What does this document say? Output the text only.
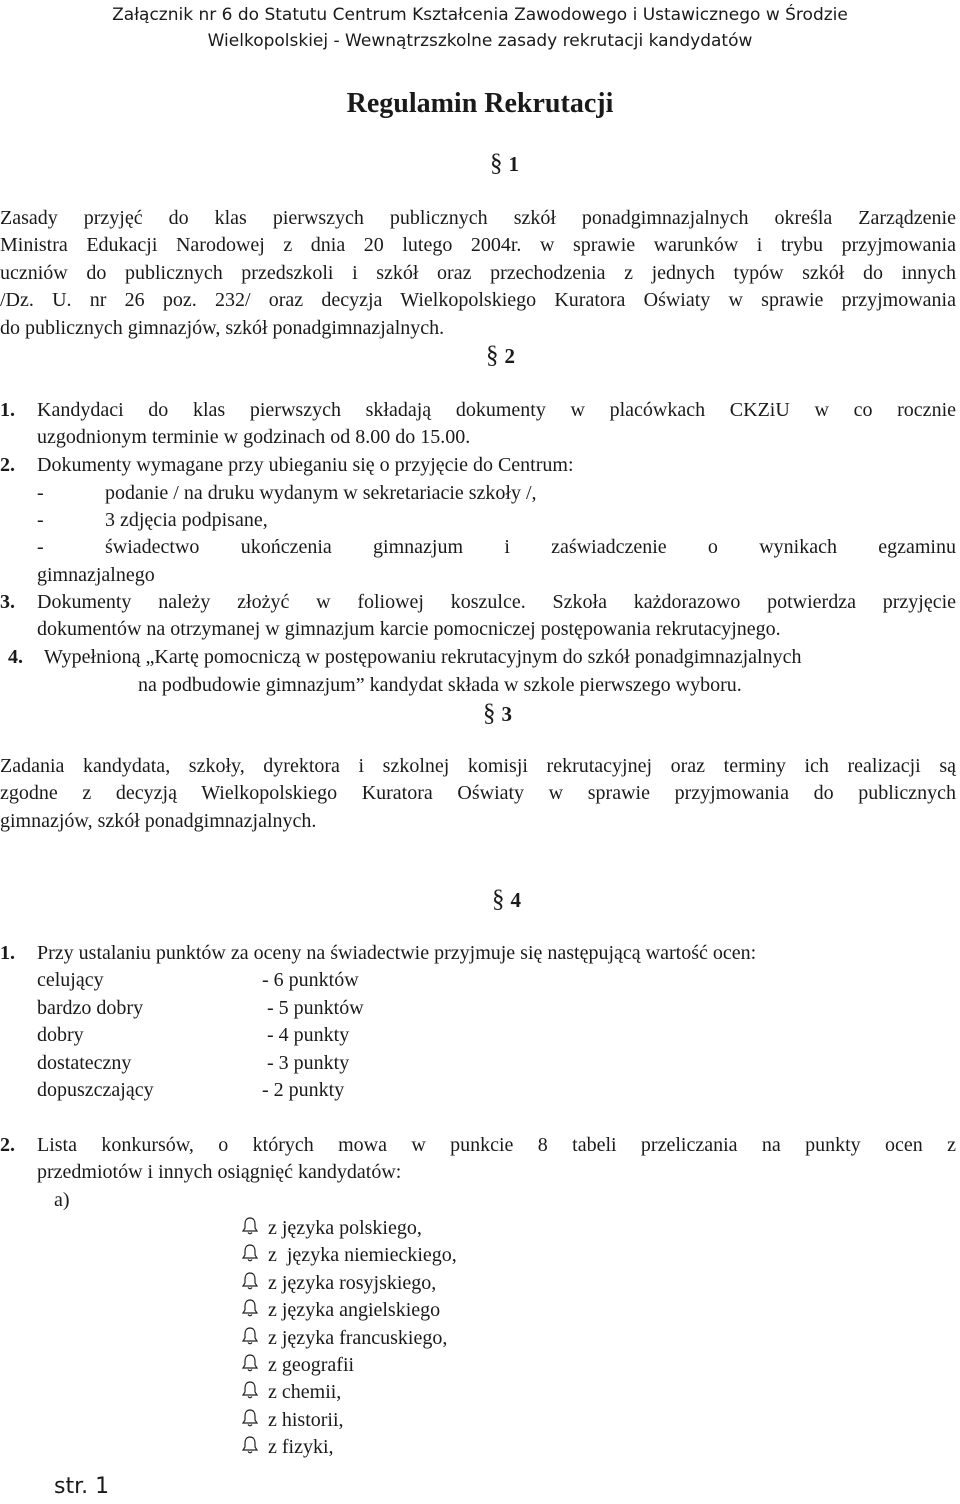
Załącznik nr 6 do Statutu Centrum Kształcenia Zawodowego i Ustawicznego w Środzie
Wielkopolskiej - Wewnątrzszkolne zasady rekrutacji kandydatów
Regulamin Rekrutacji
§ 1
Zasady przyjęć do klas pierwszych publicznych szkół ponadgimnazjalnych określa Zarządzenie
Ministra Edukacji Narodowej z dnia 20 lutego 2004r. w sprawie warunków i trybu przyjmowania
uczniów do publicznych przedszkoli i szkół oraz przechodzenia z jednych typów szkół do innych
/Dz. U. nr 26 poz. 232/ oraz decyzja Wielkopolskiego Kuratora Oświaty w sprawie przyjmowania
do publicznych gimnazjów, szkół ponadgimnazjalnych.
§ 2
1. Kandydaci do klas pierwszych składają dokumenty w placówkach CKZiU w co rocznie
uzgodnionym terminie w godzinach od 8.00 do 15.00.
2. Dokumenty wymagane przy ubieganiu się o przyjęcie do Centrum:
-	podanie / na druku wydanym w sekretariacie szkoły /,
-	3 zdjęcia podpisane,
-	świadectwo ukończenia gimnazjum i zaświadczenie o wynikach egzaminu
gimnazjalnego
3. Dokumenty należy złożyć w foliowej koszulce. Szkoła każdorazowo potwierdza przyjęcie
dokumentów na otrzymanej w gimnazjum karcie pomocniczej postępowania rekrutacyjnego.
4. Wypełnioną „Kartę pomocniczą w postępowaniu rekrutacyjnym do szkół ponadgimnazjalnych
na podbudowie gimnazjum” kandydat składa w szkole pierwszego wyboru.
§ 3
Zadania kandydata, szkoły, dyrektora i szkolnej komisji rekrutacyjnej oraz terminy ich realizacji są
zgodne z decyzją Wielkopolskiego Kuratora Oświaty w sprawie przyjmowania do publicznych
gimnazjów, szkół ponadgimnazjalnych.
§ 4
1. Przy ustalaniu punktów za oceny na świadectwie przyjmuje się następującą wartość ocen:
celujący	- 6 punktów
bardzo dobry	- 5 punktów
dobry	- 4 punkty
dostateczny	- 3 punkty
dopuszczający	- 2 punkty
2. Lista konkursów, o których mowa w punkcie 8 tabeli przeliczania na punkty ocen z
przedmiotów i innych osiągnięć kandydatów:
a)
z języka polskiego,
z  języka niemieckiego,
z języka rosyjskiego,
z języka angielskiego
z języka francuskiego,
z geografii
z chemii,
z historii,
z fizyki,
str. 1
